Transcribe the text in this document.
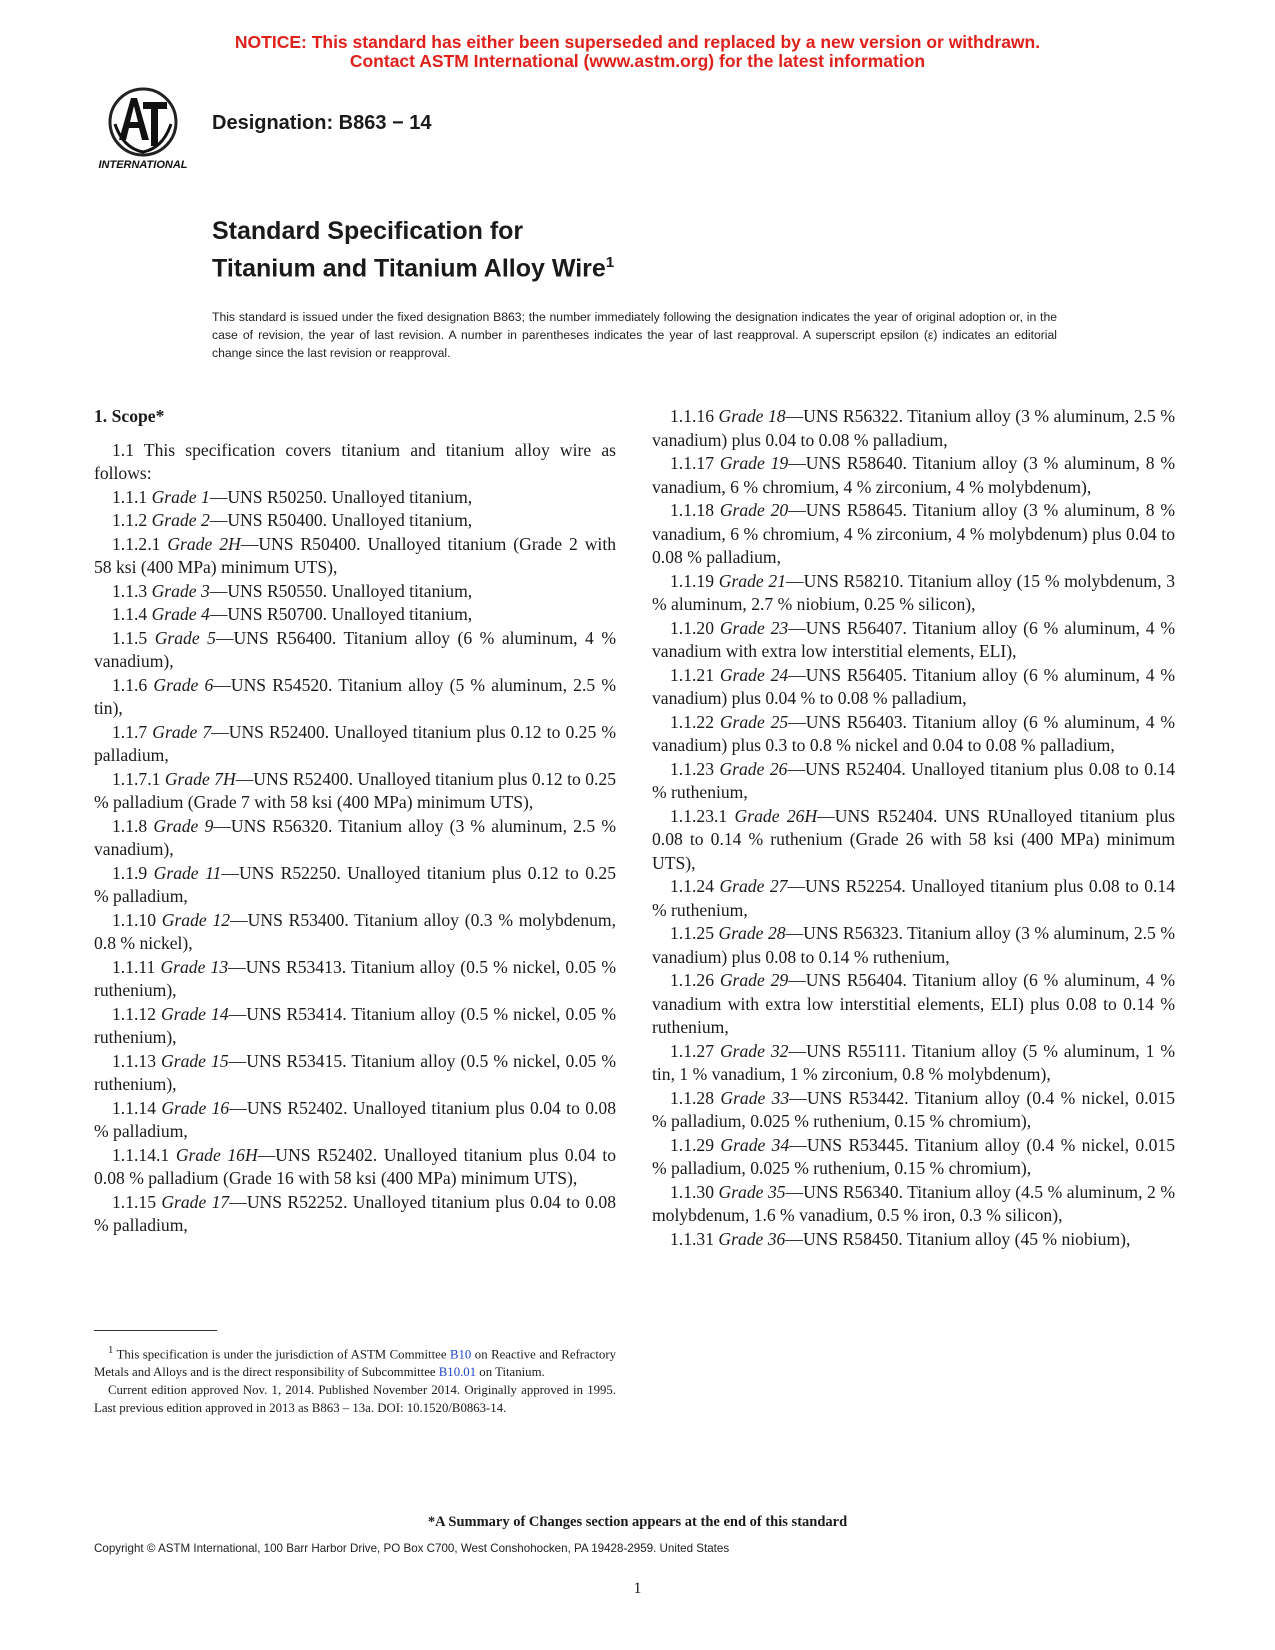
NOTICE: This standard has either been superseded and replaced by a new version or withdrawn.
Contact ASTM International (www.astm.org) for the latest information
INTERNATIONAL
Designation: B863 − 14
Standard Specification for
Titanium and Titanium Alloy Wire$^1$
This standard is issued under the fixed designation B863; the number immediately following the designation indicates the year of original adoption or, in the case of revision, the year of last revision. A number in parentheses indicates the year of last reapproval. A superscript epsilon (ε) indicates an editorial change since the last revision or reapproval.

1. Scope*

1.1 This specification covers titanium and titanium alloy wire as follows:

1.1.1 Grade 1—UNS R50250. Unalloyed titanium,

1.1.2 Grade 2—UNS R50400. Unalloyed titanium,

1.1.2.1 Grade 2H—UNS R50400. Unalloyed titanium (Grade 2 with 58 ksi (400 MPa) minimum UTS),

1.1.3 Grade 3—UNS R50550. Unalloyed titanium,

1.1.4 Grade 4—UNS R50700. Unalloyed titanium,

1.1.5 Grade 5—UNS R56400. Titanium alloy (6 % aluminum, 4 % vanadium),

1.1.6 Grade 6—UNS R54520. Titanium alloy (5 % aluminum, 2.5 % tin),

1.1.7 Grade 7—UNS R52400. Unalloyed titanium plus 0.12 to 0.25 % palladium,

1.1.7.1 Grade 7H—UNS R52400. Unalloyed titanium plus 0.12 to 0.25 % palladium (Grade 7 with 58 ksi (400 MPa) minimum UTS),

1.1.8 Grade 9—UNS R56320. Titanium alloy (3 % aluminum, 2.5 % vanadium),

1.1.9 Grade 11—UNS R52250. Unalloyed titanium plus 0.12 to 0.25 % palladium,

1.1.10 Grade 12—UNS R53400. Titanium alloy (0.3 % molybdenum, 0.8 % nickel),

1.1.11 Grade 13—UNS R53413. Titanium alloy (0.5 % nickel, 0.05 % ruthenium),

1.1.12 Grade 14—UNS R53414. Titanium alloy (0.5 % nickel, 0.05 % ruthenium),

1.1.13 Grade 15—UNS R53415. Titanium alloy (0.5 % nickel, 0.05 % ruthenium),

1.1.14 Grade 16—UNS R52402. Unalloyed titanium plus 0.04 to 0.08 % palladium,

1.1.14.1 Grade 16H—UNS R52402. Unalloyed titanium plus 0.04 to 0.08 % palladium (Grade 16 with 58 ksi (400 MPa) minimum UTS),

1.1.15 Grade 17—UNS R52252. Unalloyed titanium plus 0.04 to 0.08 % palladium,

1.1.16 Grade 18—UNS R56322. Titanium alloy (3 % aluminum, 2.5 % vanadium) plus 0.04 to 0.08 % palladium,

1.1.17 Grade 19—UNS R58640. Titanium alloy (3 % aluminum, 8 % vanadium, 6 % chromium, 4 % zirconium, 4 % molybdenum),

1.1.18 Grade 20—UNS R58645. Titanium alloy (3 % aluminum, 8 % vanadium, 6 % chromium, 4 % zirconium, 4 % molybdenum) plus 0.04 to 0.08 % palladium,

1.1.19 Grade 21—UNS R58210. Titanium alloy (15 % molybdenum, 3 % aluminum, 2.7 % niobium, 0.25 % silicon),

1.1.20 Grade 23—UNS R56407. Titanium alloy (6 % aluminum, 4 % vanadium with extra low interstitial elements, ELI),

1.1.21 Grade 24—UNS R56405. Titanium alloy (6 % aluminum, 4 % vanadium) plus 0.04 % to 0.08 % palladium,

1.1.22 Grade 25—UNS R56403. Titanium alloy (6 % aluminum, 4 % vanadium) plus 0.3 to 0.8 % nickel and 0.04 to 0.08 % palladium,

1.1.23 Grade 26—UNS R52404. Unalloyed titanium plus 0.08 to 0.14 % ruthenium,

1.1.23.1 Grade 26H—UNS R52404. UNS RUnalloyed titanium plus 0.08 to 0.14 % ruthenium (Grade 26 with 58 ksi (400 MPa) minimum UTS),

1.1.24 Grade 27—UNS R52254. Unalloyed titanium plus 0.08 to 0.14 % ruthenium,

1.1.25 Grade 28—UNS R56323. Titanium alloy (3 % aluminum, 2.5 % vanadium) plus 0.08 to 0.14 % ruthenium,

1.1.26 Grade 29—UNS R56404. Titanium alloy (6 % aluminum, 4 % vanadium with extra low interstitial elements, ELI) plus 0.08 to 0.14 % ruthenium,

1.1.27 Grade 32—UNS R55111. Titanium alloy (5 % aluminum, 1 % tin, 1 % vanadium, 1 % zirconium, 0.8 % molybdenum),

1.1.28 Grade 33—UNS R53442. Titanium alloy (0.4 % nickel, 0.015 % palladium, 0.025 % ruthenium, 0.15 % chromium),

1.1.29 Grade 34—UNS R53445. Titanium alloy (0.4 % nickel, 0.015 % palladium, 0.025 % ruthenium, 0.15 % chromium),

1.1.30 Grade 35—UNS R56340. Titanium alloy (4.5 % aluminum, 2 % molybdenum, 1.6 % vanadium, 0.5 % iron, 0.3 % silicon),

1.1.31 Grade 36—UNS R58450. Titanium alloy (45 % niobium),

$^1$ This specification is under the jurisdiction of ASTM Committee B10 on Reactive and Refractory Metals and Alloys and is the direct responsibility of Subcommittee B10.01 on Titanium.

Current edition approved Nov. 1, 2014. Published November 2014. Originally approved in 1995. Last previous edition approved in 2013 as B863 – 13a. DOI: 10.1520/B0863-14.

*A Summary of Changes section appears at the end of this standard
Copyright © ASTM International, 100 Barr Harbor Drive, PO Box C700, West Conshohocken, PA 19428-2959. United States
1
